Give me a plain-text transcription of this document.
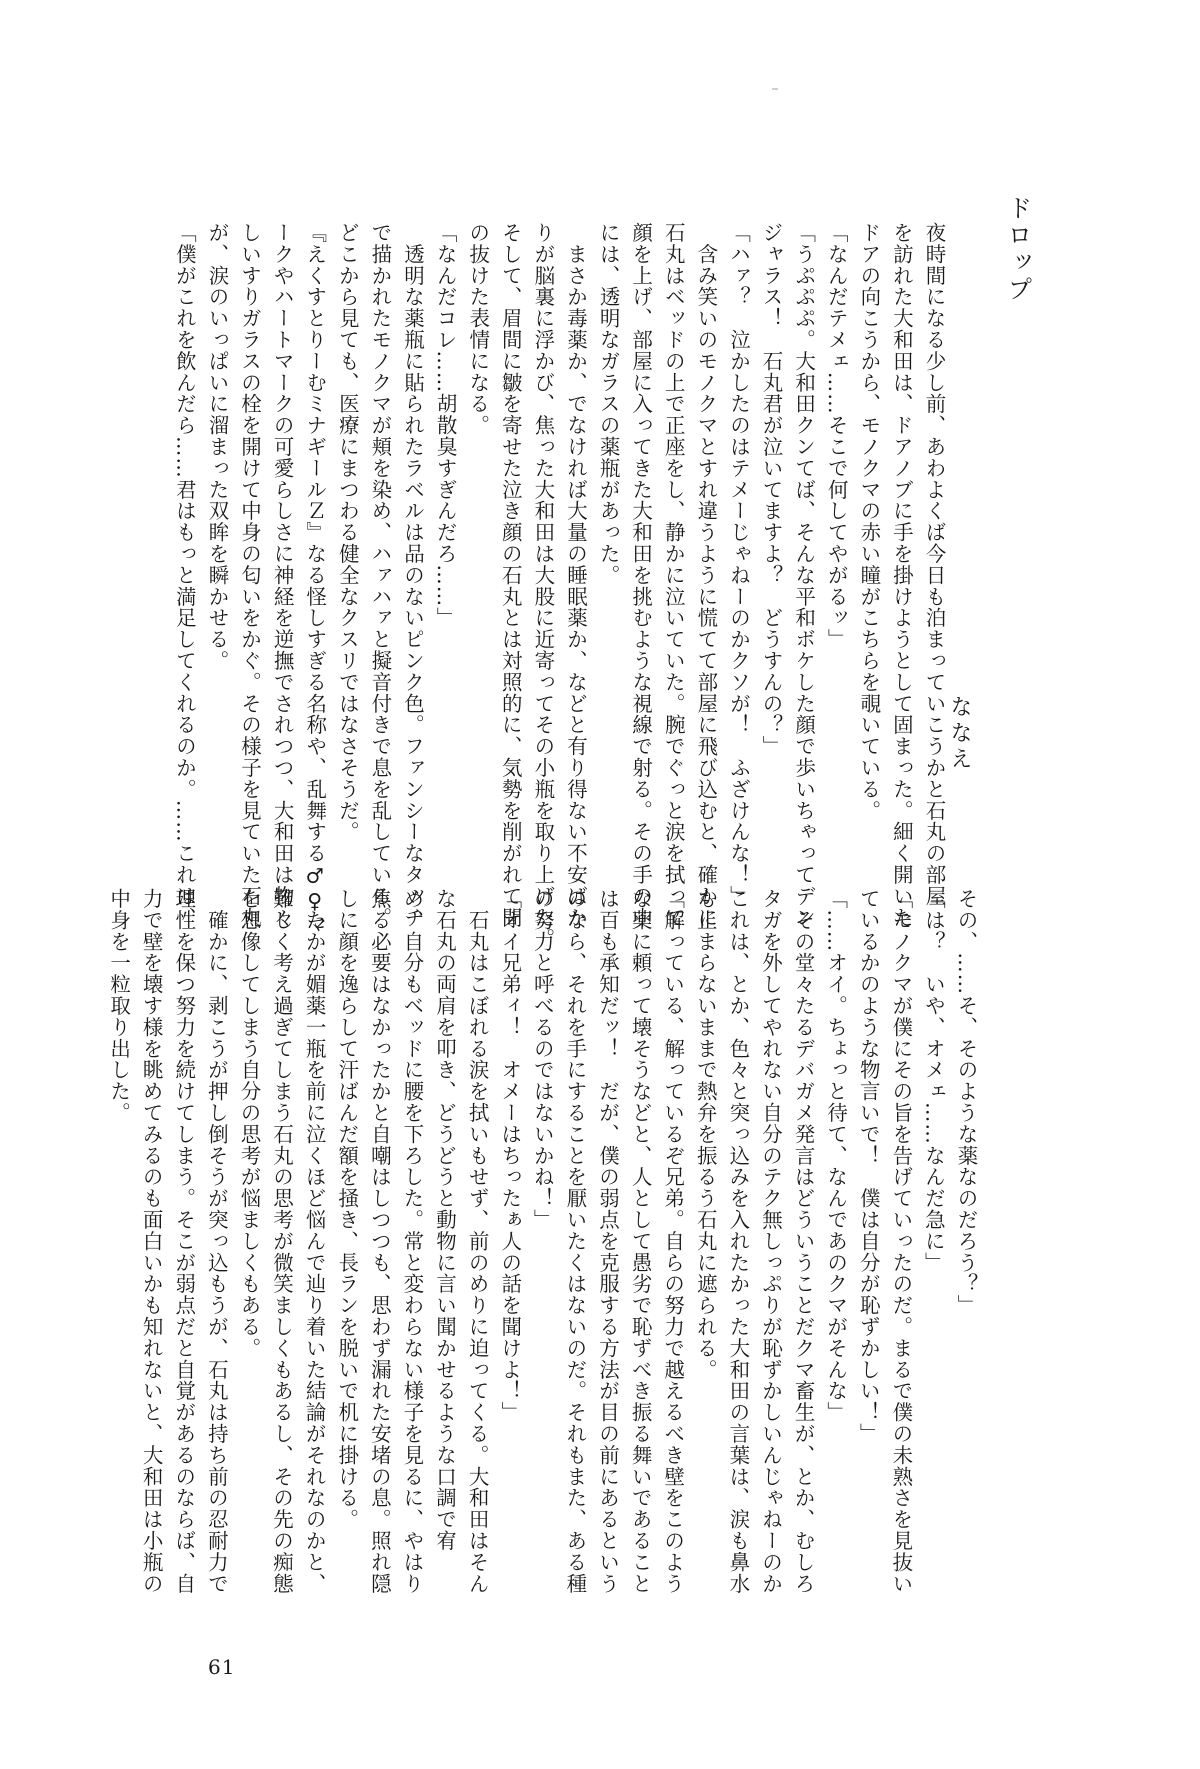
ドロップ
ななえ
夜時間になる少し前、あわよくば今日も泊まっていこうかと石丸の部屋
を訪れた大和田は、ドアノブに手を掛けようとして固まった。細く開いた
ドアの向こうから、モノクマの赤い瞳がこちらを覗いている。
「なんだテメェ……そこで何してやがるッ」
「うぷぷぷ。大和田クンてば、そんな平和ボケした顔で歩いちゃってデン
ジャラス！　石丸君が泣いてますよ？　どうすんの？」
「ハァ？　泣かしたのはテメーじゃねーのかクソが！　ふざけんな！」
　含み笑いのモノクマとすれ違うように慌てて部屋に飛び込むと、確かに
石丸はベッドの上で正座をし、静かに泣いていた。腕でぐっと涙を拭って
顔を上げ、部屋に入ってきた大和田を挑むような視線で射る。その手の中
には、透明なガラスの薬瓶があった。
　まさか毒薬か、でなければ大量の睡眠薬か、などと有り得ない不安ばか
りが脳裏に浮かび、焦った大和田は大股に近寄ってその小瓶を取り上げた。
そして、眉間に皺を寄せた泣き顔の石丸とは対照的に、気勢を削がれて間
の抜けた表情になる。
「なんだコレ……胡散臭すぎんだろ……」
　透明な薬瓶に貼られたラベルは品のないピンク色。ファンシーなタッチ
で描かれたモノクマが頬を染め、ハァハァと擬音付きで息を乱している。
どこから見ても、医療にまつわる健全なクスリではなさそうだ。
『えくすとりーむミナギールＺ』なる怪しすぎる名称や、乱舞する♂♀マ
ークやハートマークの可愛らしさに神経を逆撫でされつつ、大和田は物々
しいすりガラスの栓を開けて中身の匂いをかぐ。その様子を見ていた石丸
が、涙のいっぱいに溜まった双眸を瞬かせる。
「僕がこれを飲んだら……君はもっと満足してくれるのか。……これは、
その、……そ、そのような薬なのだろう？」
「は？　いや、オメェ……なんだ急に」
「モノクマが僕にその旨を告げていったのだ。まるで僕の未熟さを見抜い
ているかのような物言いで！　僕は自分が恥ずかしい！」
「……オイ。ちょっと待て、なんであのクマがそんな」
　その堂々たるデバガメ発言はどういうことだクマ畜生が、とか、むしろ
タガを外してやれない自分のテク無しっぷりが恥ずかしいんじゃねーのか
これは、とか、色々と突っ込みを入れたかった大和田の言葉は、涙も鼻水
も止まらないままで熱弁を振るう石丸に遮られる。
「解っている、解っているぞ兄弟。自らの努力で越えるべき壁をこのよう
な薬に頼って壊そうなどと、人として愚劣で恥ずべき振る舞いであること
は百も承知だッ！　だが、僕の弱点を克服する方法が目の前にあるという
のなら、それを手にすることを厭いたくはないのだ。それもまた、ある種
の努力と呼べるのではないかね！」
「オイ兄弟ィ！　オメーはちったぁ人の話を聞けよ！」
　石丸はこぼれる涙を拭いもせず、前のめりに迫ってくる。大和田はそん
な石丸の両肩を叩き、どうどうと動物に言い聞かせるような口調で宥
め、自分もベッドに腰を下ろした。常と変わらない様子を見るに、やはり
焦る必要はなかったかと自嘲はしつつも、思わず漏れた安堵の息。照れ隠
しに顔を逸らして汗ばんだ額を掻き、長ランを脱いで机に掛ける。
　たかが媚薬一瓶を前に泣くほど悩んで辿り着いた結論がそれなのかと、
難しく考え過ぎてしまう石丸の思考が微笑ましくもあるし、その先の痴態
を想像してしまう自分の思考が悩ましくもある。
　確かに、剥こうが押し倒そうが突っ込もうが、石丸は持ち前の忍耐力で
理性を保つ努力を続けてしまう。そこが弱点だと自覚があるのならば、自
力で壁を壊す様を眺めてみるのも面白いかも知れないと、大和田は小瓶の
中身を一粒取り出した。
61
